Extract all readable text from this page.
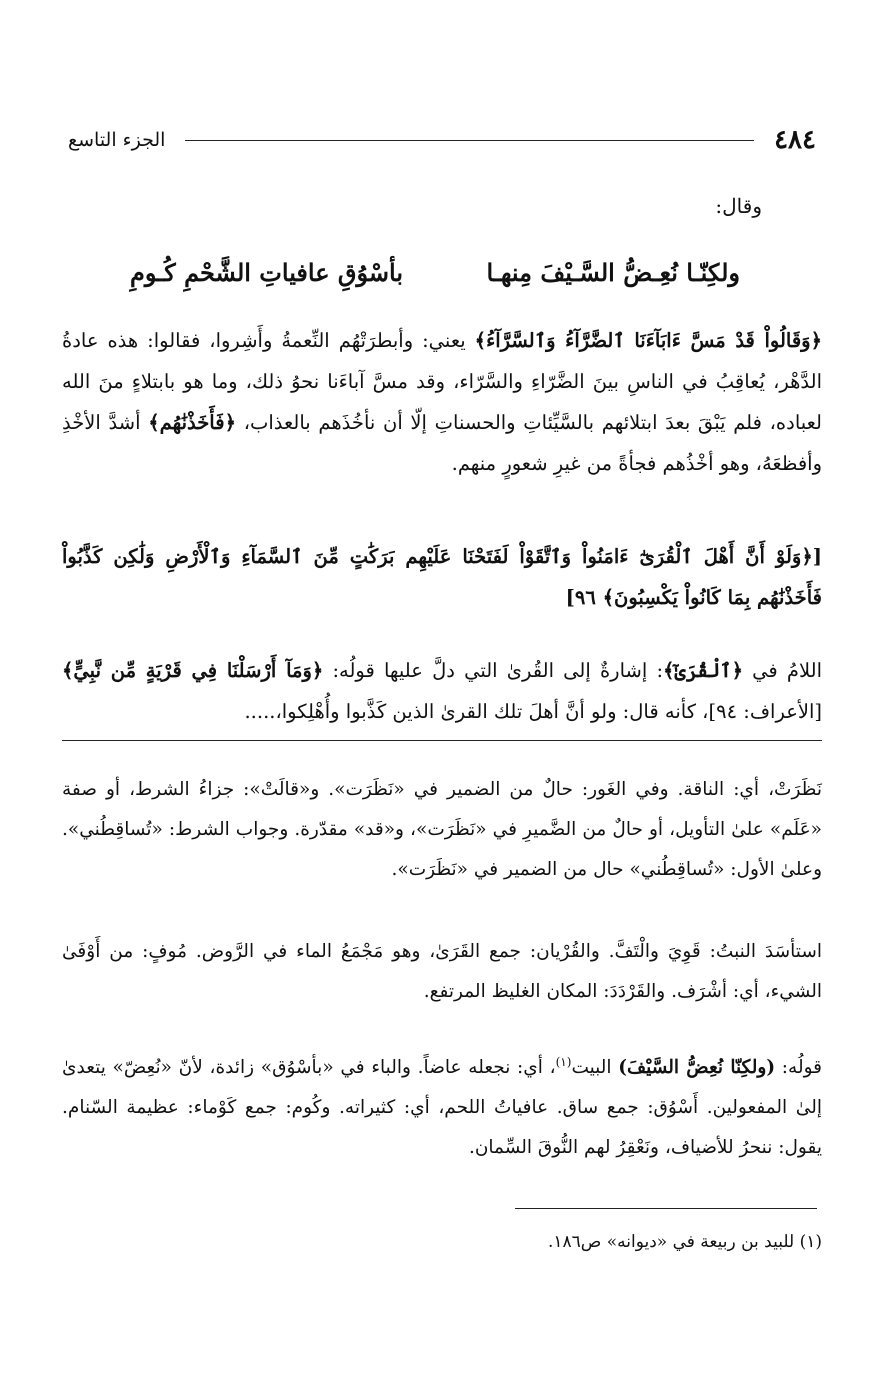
٤٨٤
الجزء التاسع
وقال:
ولكِنّـا نُعِـضُّ السَّـيْفَ مِنهـا
بأسْوُقِ عافياتِ الشَّحْمِ كُـومِ
﴿وَقَالُواْ قَدْ مَسَّ ءَابَآءَنَا ٱلضَّرَّآءُ وَٱلسَّرَّآءُ﴾ يعني: وأبطرَتْهُم النِّعمةُ وأَشِروا، فقالوا: هذه عادةُ الدَّهْر، يُعاقِبُ في الناسِ بينَ الضَّرّاءِ والسَّرّاء، وقد مسَّ آباءَنا نحوُ ذلك، وما هو بابتلاءٍ منَ الله لعباده، فلم يَبْقَ بعدَ ابتلائهم بالسَّيِّئاتِ والحسناتِ إلّا أن نأخُذَهم بالعذاب، ﴿فَأَخَذْنَٰهُم﴾ أشدَّ الأخْذِ وأفظعَهُ، وهو أخْذُهم فجأةً من غيرِ شعورٍ منهم.
[﴿وَلَوْ أَنَّ أَهْلَ ٱلْقُرَىٰٓ ءَامَنُواْ وَٱتَّقَوْاْ لَفَتَحْنَا عَلَيْهِم بَرَكَٰتٍ مِّنَ ٱلسَّمَآءِ وَٱلْأَرْضِ وَلَٰكِن كَذَّبُواْ فَأَخَذْنَٰهُم بِمَا كَانُواْ يَكْسِبُونَ﴾ ٩٦]
اللامُ في ﴿ٱلْقُرَىٰٓ﴾: إشارةٌ إلى القُرىٰ التي دلَّ عليها قولُه: ﴿وَمَآ أَرْسَلْنَا فِي قَرْيَةٍ مِّن نَّبِيٍّ﴾ [الأعراف: ٩٤]، كأنه قال: ولو أنَّ أهلَ تلك القرىٰ الذين كَذَّبوا وأُهْلِكوا،.....
نَظَرَتْ، أي: الناقة. وفي الغَور: حالٌ من الضمير في «نَظَرَت». و«قالَتْ»: جزاءُ الشرط، أو صفة «عَلَم» علىٰ التأويل، أو حالٌ من الضَّميرِ في «نَظَرَت»، و«قد» مقدّرة. وجواب الشرط: «تُساقِطُني». وعلىٰ الأول: «تُساقِطُني» حال من الضمير في «نَظَرَت».
استأسَدَ النبتُ: قَوِيَ والْتَفَّ. والقُرْيان: جمع القَرَىٰ، وهو مَجْمَعُ الماء في الرَّوض. مُوفٍ: من أَوْفَىٰ الشيء، أي: أشْرَف. والقَرْدَدَ: المكان الغليظ المرتفع.
قولُه: (ولكِنّا نُعِضُّ السَّيْفَ) البيت$^{(١)}$، أي: نجعله عاضاً. والباء في «بأسْوُق» زائدة، لأنّ «نُعِضّ» يتعدىٰ إلىٰ المفعولين. أَسْوُق: جمع ساق. عافياتُ اللحم، أي: كثيراته. وكُوم: جمع كَوْماء: عظيمة السّنام. يقول: ننحرُ للأضياف، ونَعْقِرُ لهم النُّوقَ السِّمان.
(١) للبيد بن ربيعة في «ديوانه» ص١٨٦.
